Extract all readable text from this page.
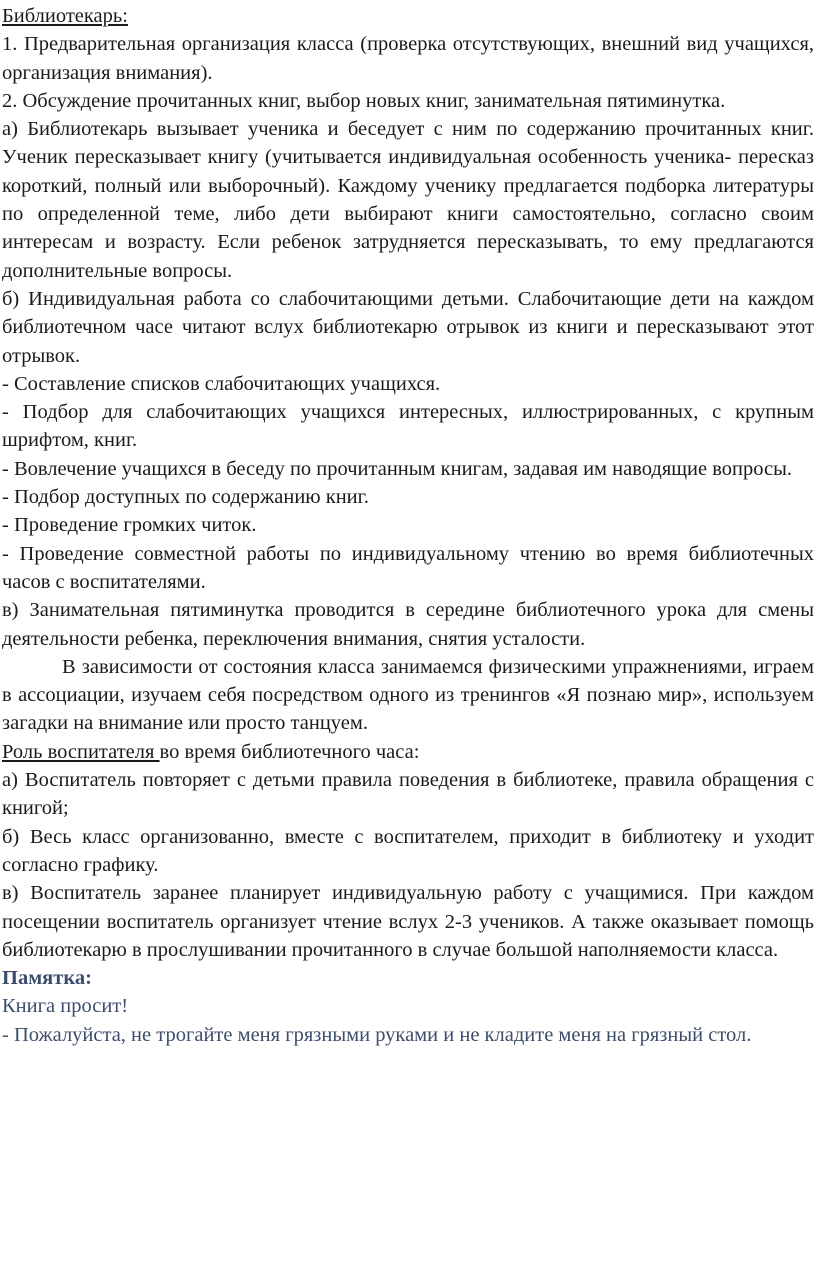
Библиотекарь:

1. Предварительная организация класса (проверка отсутствующих, внешний вид учащихся, организация внимания).

2. Обсуждение прочитанных книг, выбор новых книг, занимательная пятиминутка.

а) Библиотекарь вызывает ученика и беседует с ним по содержанию прочитанных книг. Ученик пересказывает книгу (учитывается индивидуальная особенность ученика- пересказ короткий, полный или выборочный). Каждому ученику предлагается подборка литературы по определенной теме, либо дети выбирают книги самостоятельно, согласно своим интересам и возрасту. Если ребенок затрудняется пересказывать, то ему предлагаются дополнительные вопросы.

б) Индивидуальная работа со слабочитающими детьми. Слабочитающие дети на каждом библиотечном часе читают вслух библиотекарю отрывок из книги и пересказывают этот отрывок.

- Составление списков слабочитающих учащихся.

- Подбор для слабочитающих учащихся интересных, иллюстрированных, с крупным шрифтом, книг.

- Вовлечение учащихся в беседу по прочитанным книгам, задавая им наводящие вопросы.

- Подбор доступных по содержанию книг.

- Проведение громких читок.

- Проведение совместной работы по индивидуальному чтению во время библиотечных часов с воспитателями.

в) Занимательная пятиминутка проводится в середине библиотечного урока для смены деятельности ребенка, переключения внимания, снятия усталости.

В зависимости от состояния класса занимаемся физическими упражнениями, играем в ассоциации, изучаем себя посредством одного из тренингов «Я познаю мир», используем загадки на внимание или просто танцуем.

Роль воспитателя во время библиотечного часа:

а) Воспитатель повторяет с детьми правила поведения в библиотеке, правила обращения с книгой;

б) Весь класс организованно, вместе с воспитателем, приходит в библиотеку и уходит согласно графику.

в) Воспитатель заранее планирует индивидуальную работу с учащимися. При каждом посещении воспитатель организует чтение вслух 2-3 учеников. А также оказывает помощь библиотекарю в прослушивании прочитанного в случае большой наполняемости класса.

Памятка:

Книга просит!

- Пожалуйста, не трогайте меня грязными руками и не кладите меня на грязный стол.
